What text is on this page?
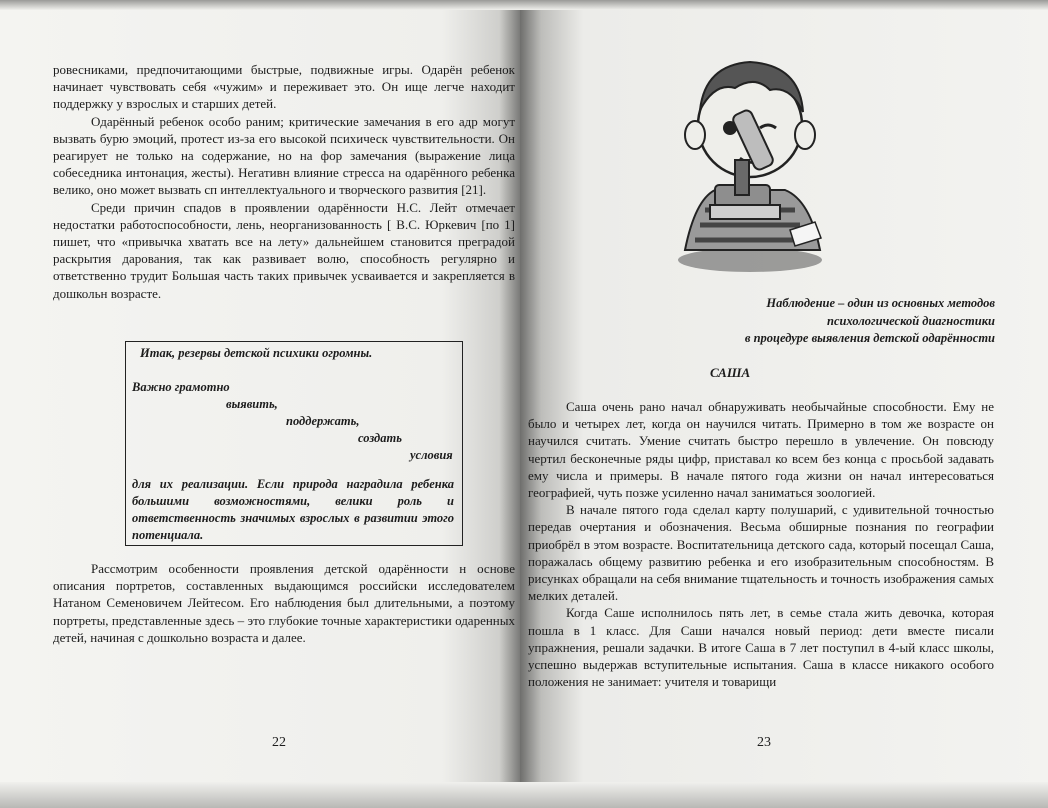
ровесниками, предпочитающими быстрые, подвижные игры. Одарён ребенок начинает чувствовать себя «чужим» и переживает это. Он ище легче находит поддержку у взрослых и старших детей.

Одарённый ребенок особо раним; критические замечания в его адр могут вызвать бурю эмоций, протест из-за его высокой психическ чувствительности. Он реагирует не только на содержание, но на фор замечания (выражение лица собеседника интонация, жесты). Негативн влияние стресса на одарённого ребенка велико, оно может вызвать сп интеллектуального и творческого развития [21].

Среди причин спадов в проявлении одарённости Н.С. Лейт отмечает недостатки работоспособности, лень, неорганизованность [ В.С. Юркевич [по 1] пишет, что «привычка хватать все на лету» дальнейшем становится преградой раскрытия дарования, так как развивает волю, способность регулярно и ответственно трудит Большая часть таких привычек усваивается и закрепляется в дошкольн возрасте.

Итак, резервы детской психики огромны.
Важно грамотно
выявить,
поддержать,
создать
условия
для их реализации. Если природа наградила ребенка большими возможностями, велики роль и ответственность значимых взрослых в развитии этого потенциала.

Рассмотрим особенности проявления детской одарённости н основе описания портретов, составленных выдающимся российски исследователем Натаном Семеновичем Лейтесом. Его наблюдения был длительными, а поэтому портреты, представленные здесь – это глубокие точные характеристики одаренных детей, начиная с дошкольно возраста и далее.

22
Наблюдение – один из основных методов
психологической диагностики
в процедуре выявления детской одарённости
САША

Саша очень рано начал обнаруживать необычайные способности. Ему не было и четырех лет, когда он научился читать. Примерно в том же возрасте он научился считать. Умение считать быстро перешло в увлечение. Он повсюду чертил бесконечные ряды цифр, приставал ко всем без конца с просьбой задавать ему числа и примеры. В начале пятого года жизни он начал интересоваться географией, чуть позже усиленно начал заниматься зоологией.

В начале пятого года сделал карту полушарий, с удивительной точностью передав очертания и обозначения. Весьма обширные познания по географии приобрёл в этом возрасте. Воспитательница детского сада, который посещал Саша, поражалась общему развитию ребенка и его изобразительным способностям. В рисунках обращали на себя внимание тщательность и точность изображения самых мелких деталей.

Когда Саше исполнилось пять лет, в семье стала жить девочка, которая пошла в 1 класс. Для Саши начался новый период: дети вместе писали упражнения, решали задачки. В итоге Саша в 7 лет поступил в 4-ый класс школы, успешно выдержав вступительные испытания. Саша в классе никакого особого положения не занимает: учителя и товарищи

23
